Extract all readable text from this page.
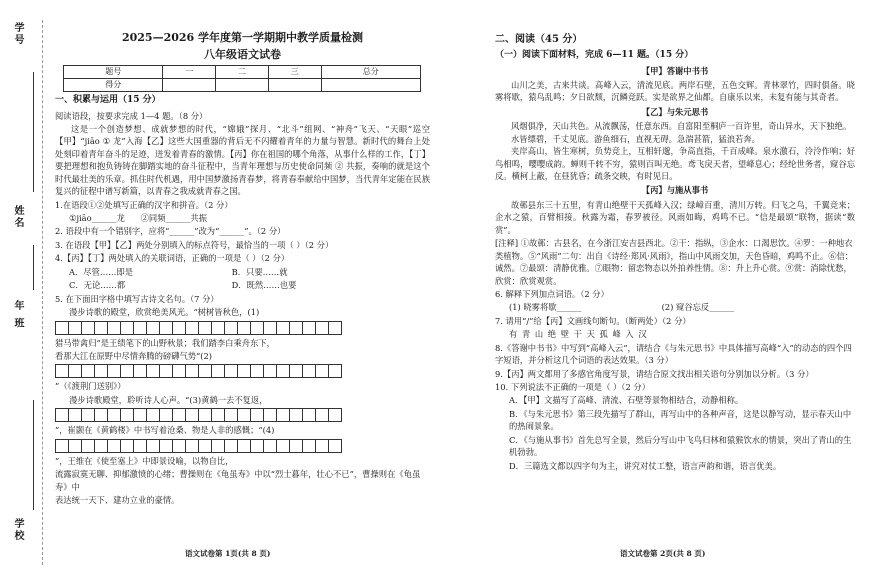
学号
姓名
年 班
学校
2025—2026 学年度第一学期期中教学质量检测
八年级语文试卷
题号	一	二	三	总分
得分				
一、积累与运用（15 分）
阅读语段，按要求完成 1—4 题。（8 分）

这是一个创造梦想、成就梦想的时代，“嫦娥”探月、“北斗”组网、“神舟”飞天、“天眼”巡空【甲】“jiāo ① 龙”入海【乙】这些大国重器的背后无不闪耀着青年的力量与智慧。新时代的舞台上处处刻印着青年奋斗的足迹，迸发着青春的激情。【丙】你在祖国的哪个角落，从事什么样的工作，【丁】要把理想和抱负铸铸在脚踏实地的奋斗征程中，当青年理想与历史使命同频 ② 共振，奏响的就是这个时代最壮美的乐章。抓住时代机遇，用中国梦激扬青春梦，将青春奉献给中国梦，当代青年定能在民族复兴的征程中谱写新篇，以青春之我成就青春之国。

1.在语段①②处填写正确的汉字和拼音。（2 分）
①jiāo______龙 ②同频______共振
2. 语段中有一个错别字，应将“______”改为“______”。（2 分）
3. 在语段【甲】【乙】两处分别填入的标点符号，最恰当的一项（ ）（2 分）
4.【丙】【丁】两处填入的关联词语，正确的一项是（ ）（2 分）
A．尽管……即是	B．只要……就
C．无论……都	D．既然……也要
5. 在下面田字格中填写古诗文名句。（7 分）
漫步诗歌的殿堂，欣赏绝美风光。“树树皆秋色，(1)
猎马带禽归”是王绩笔下的山野秋景；我们踏李白乘舟东下，
看那大江在原野中尽情奔腾的磅礴气势“(2)
”（《渡荆门送别》）
漫步诗歌殿堂，聆听诗人心声。“(3)黄鹤一去不复返，
”，崔颢在《黄鹤楼》中书写着沧桑、物是人非的感慨；“(4)
”，王维在《使至塞上》中即景设喻，以物自比，
流露寂寞无聊、抑郁激愤的心绪；曹操则在《龟虽寿》中以“烈士暮年，壮心不已”，曹操则在《龟虽寿》中
表达统一天下、建功立业的豪情。
语文试卷第 1页(共 8 页)
二、阅读（45 分）
（一）阅读下面材料，完成 6—11 题。（15 分）
【甲】答谢中书书

山川之美，古来共谈。高峰入云，清流见底。两岸石壁，五色交辉。青林翠竹，四时俱备。晓雾将歇，猿鸟乱鸣；夕日欲颓，沉鳞竞跃。实是欲界之仙都。自康乐以来，未复有能与其奇者。

【乙】与朱元思书

风烟俱净，天山共色。从流飘荡，任意东西。自富阳至桐庐一百许里，奇山异水，天下独绝。

水皆缥碧，千丈见底。游鱼细石，直视无碍。急湍甚箭，猛浪若奔。

夹岸高山，皆生寒树，负势竞上，互相轩邈，争高直指，千百成峰。泉水激石，泠泠作响；好鸟相鸣，嘤嘤成韵。蝉则千转不穷，猿则百叫无绝。鸢飞戾天者，望峰息心；经纶世务者，窥谷忘反。横柯上蔽，在昼犹昏；疏条交映，有时见日。

【丙】与施从事书

故鄣县东三十五里，有青山绝壁干天孤峰入汉；绿嶂百重，清川万转。归飞之鸟，千翼竞来；企水之猿，百臂相接。秋露为霜，春罗被径。风雨如晦，鸡鸣不已。“信是最颂”联物，据读“数赏”。

[注释] ①故鄣：古县名，在今浙江安吉县西北。②干：指纵，③企水：口渴思饮。④罗：一种地衣类植物。⑤“风雨”二句：出自《诗经·郑风·风雨》，指山中风雨交加，天色昏暗，鸡鸣不止。⑥信：诚然。⑦最颂：清静优雅。⑦眼物：留恋物态以外拍养性情。⑧：升上升心赏。⑨赏：消除忧愁，欣赏：欣赏观赏。
6. 解释下列加点词语。（2 分）
(1) 晓雾将歇______	(2) 窥谷忘反______
7. 请用“/”给【丙】文画线句断句。（断两处）（2 分）
有 青 山 绝 壁 干 天 孤 峰 入 汉
8.《答谢中书书》中写到“高峰入云”，请结合《与朱元思书》中具体描写高峰“入”的动态的四个四字短语，并分析这几个词语的表达效果。（3 分）
9.【丙】两文都用了多感官角度写景，请结合原文找出相关语句分别加以分析。（3 分）
10. 下列说法不正确的一项是（ ）（2 分）
A．【甲】文描写了高峰、清流、石壁等景物相结合，动静相称。
B．《与朱元思书》第三段先描写了群山，再写山中的各种声音，这是以静写动，显示春天山中的热闹景象。
C．《与施从事书》首先总写全景，然后分写山中飞鸟归林和猿猴饮水的情景，突出了青山的生机勃勃。
D．三篇选文都以四字句为主，讲究对仗工整，语言声韵和谐，语言优美。
语文试卷第 2页(共 8 页)
